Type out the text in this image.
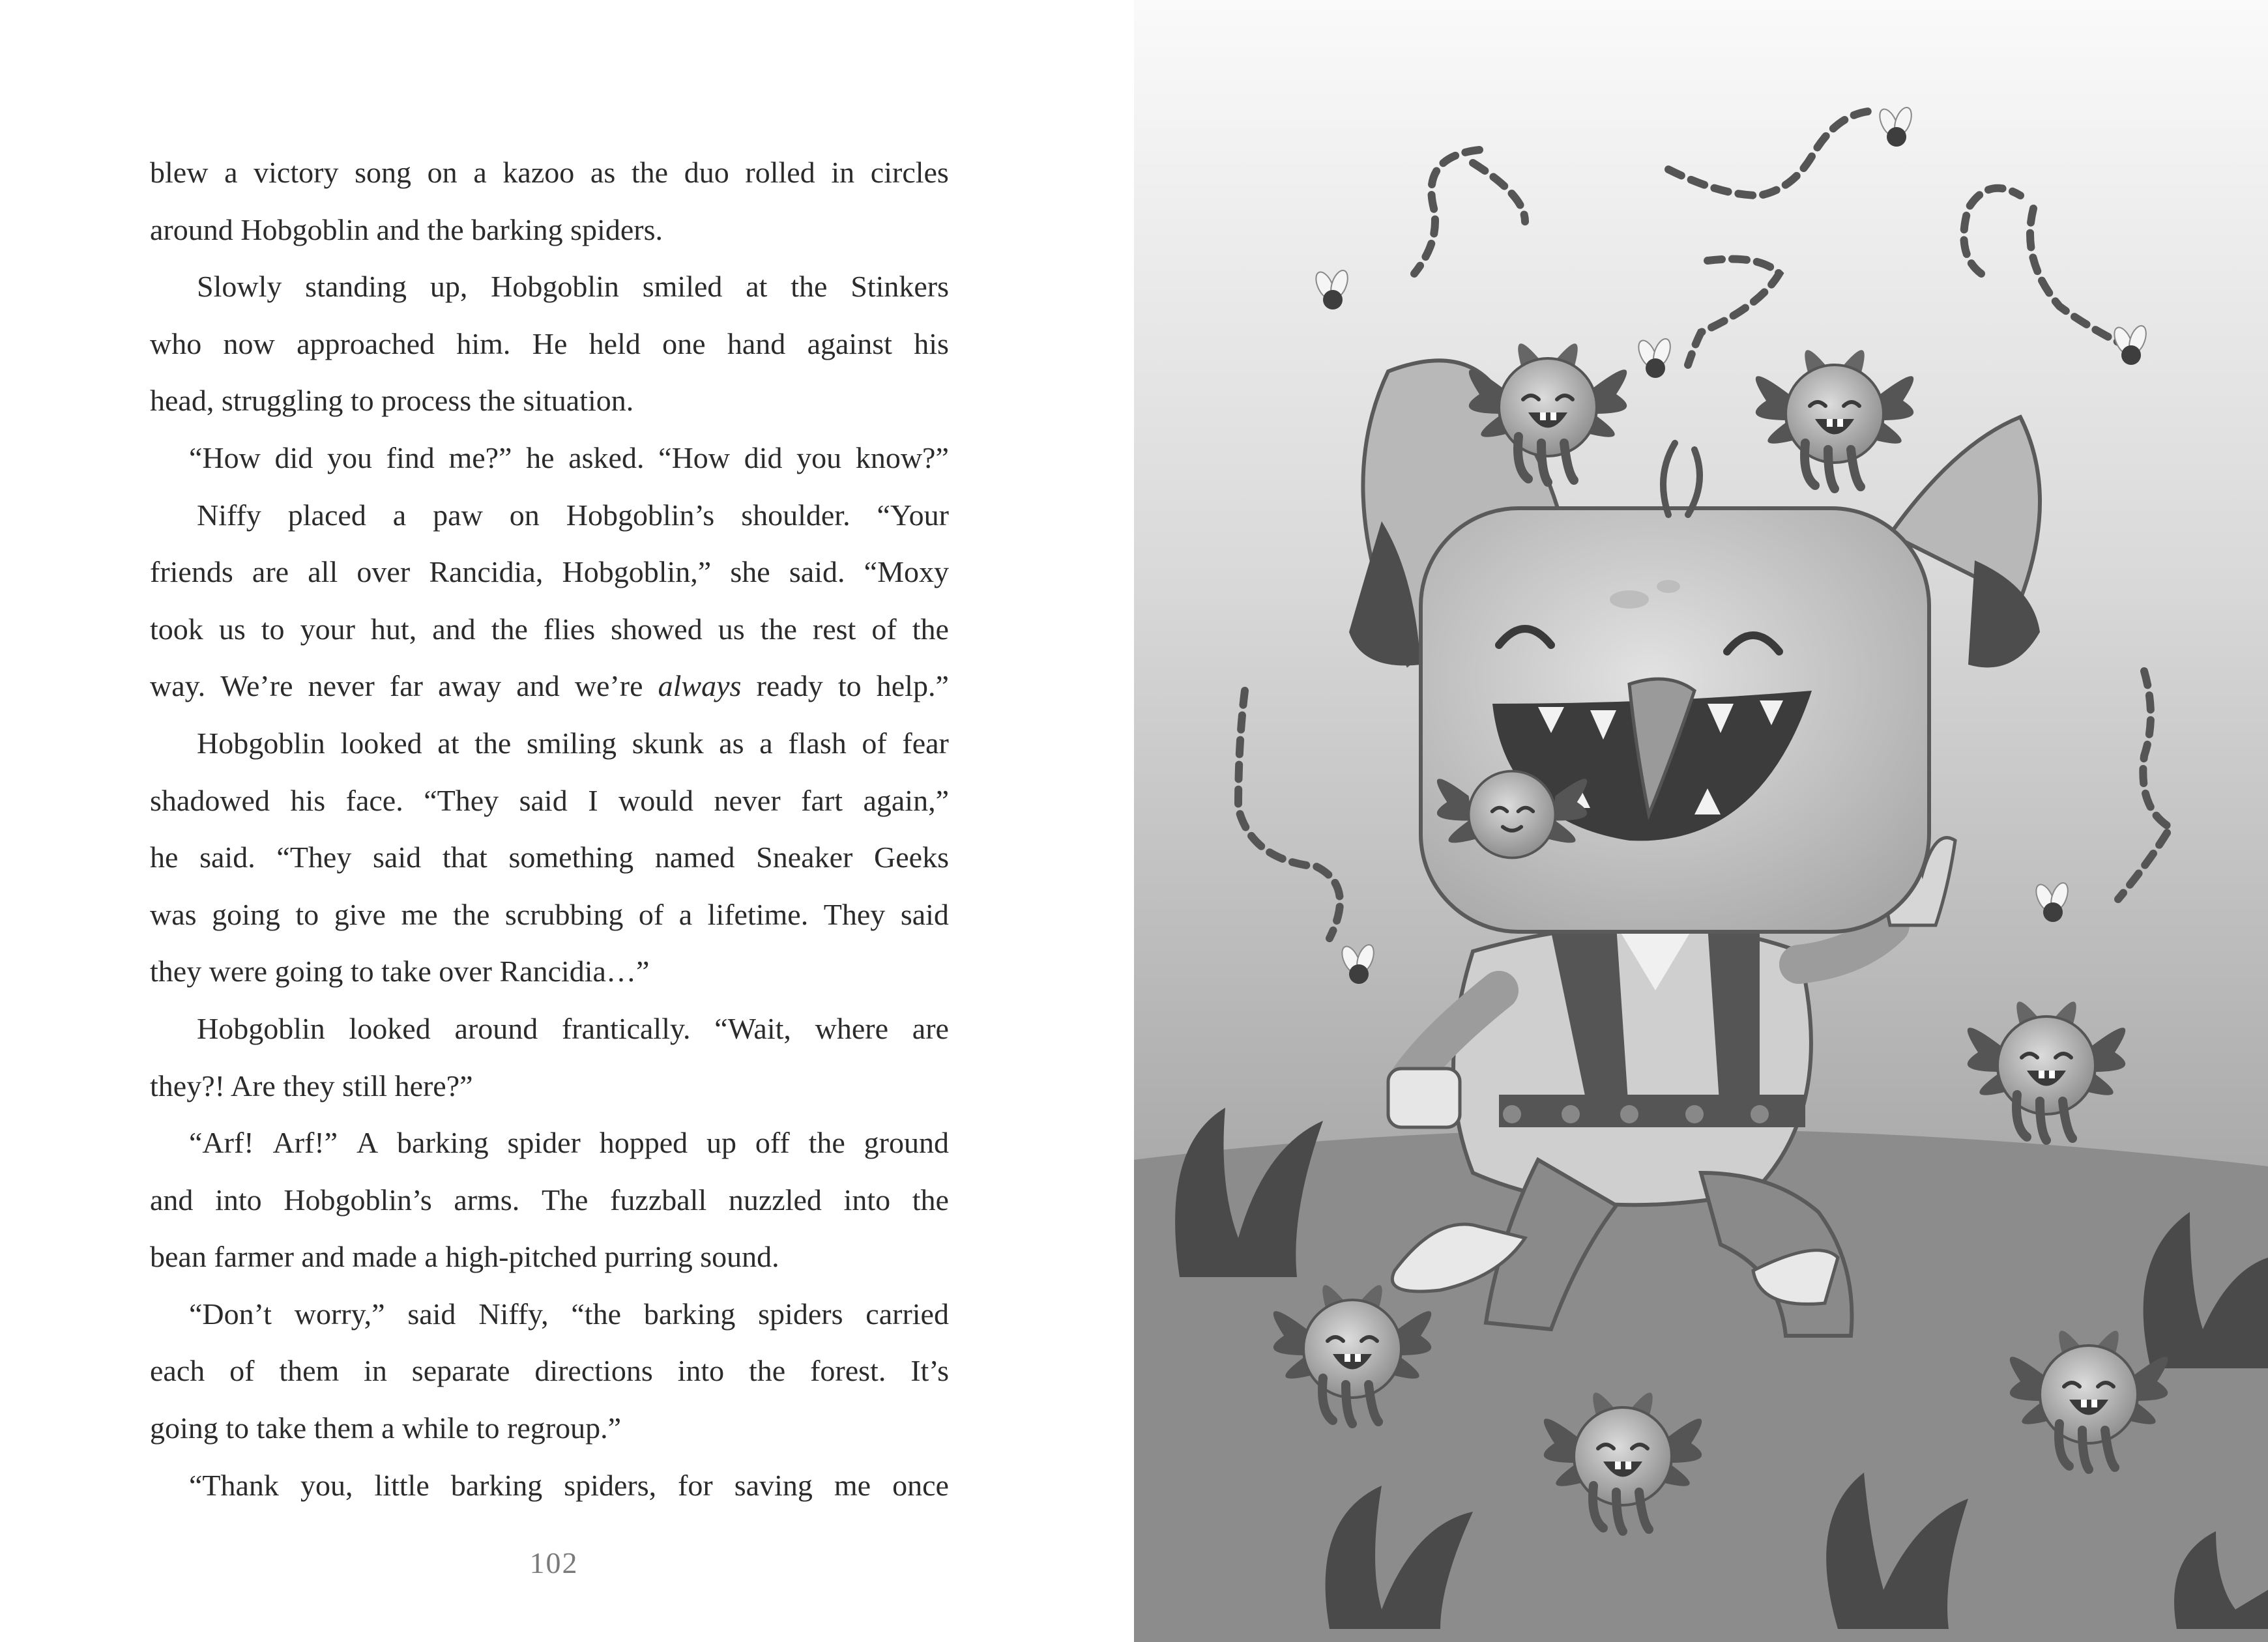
blew a victory song on a kazoo as the duo rolled in circles
around Hobgoblin and the barking spiders.
Slowly standing up, Hobgoblin smiled at the Stinkers
who now approached him. He held one hand against his
head, struggling to process the situation.
“How did you find me?” he asked. “How did you know?”
Niffy placed a paw on Hobgoblin’s shoulder. “Your
friends are all over Rancidia, Hobgoblin,” she said. “Moxy
took us to your hut, and the flies showed us the rest of the
way. We’re never far away and we’re always ready to help.”
Hobgoblin looked at the smiling skunk as a flash of fear
shadowed his face. “They said I would never fart again,”
he said. “They said that something named Sneaker Geeks
was going to give me the scrubbing of a lifetime. They said
they were going to take over Rancidia…”
Hobgoblin looked around frantically. “Wait, where are
they?! Are they still here?”
“Arf! Arf!” A barking spider hopped up off the ground
and into Hobgoblin’s arms. The fuzzball nuzzled into the
bean farmer and made a high-pitched purring sound.
“Don’t worry,” said Niffy, “the barking spiders carried
each of them in separate directions into the forest. It’s
going to take them a while to regroup.”
“Thank you, little barking spiders, for saving me once
102
